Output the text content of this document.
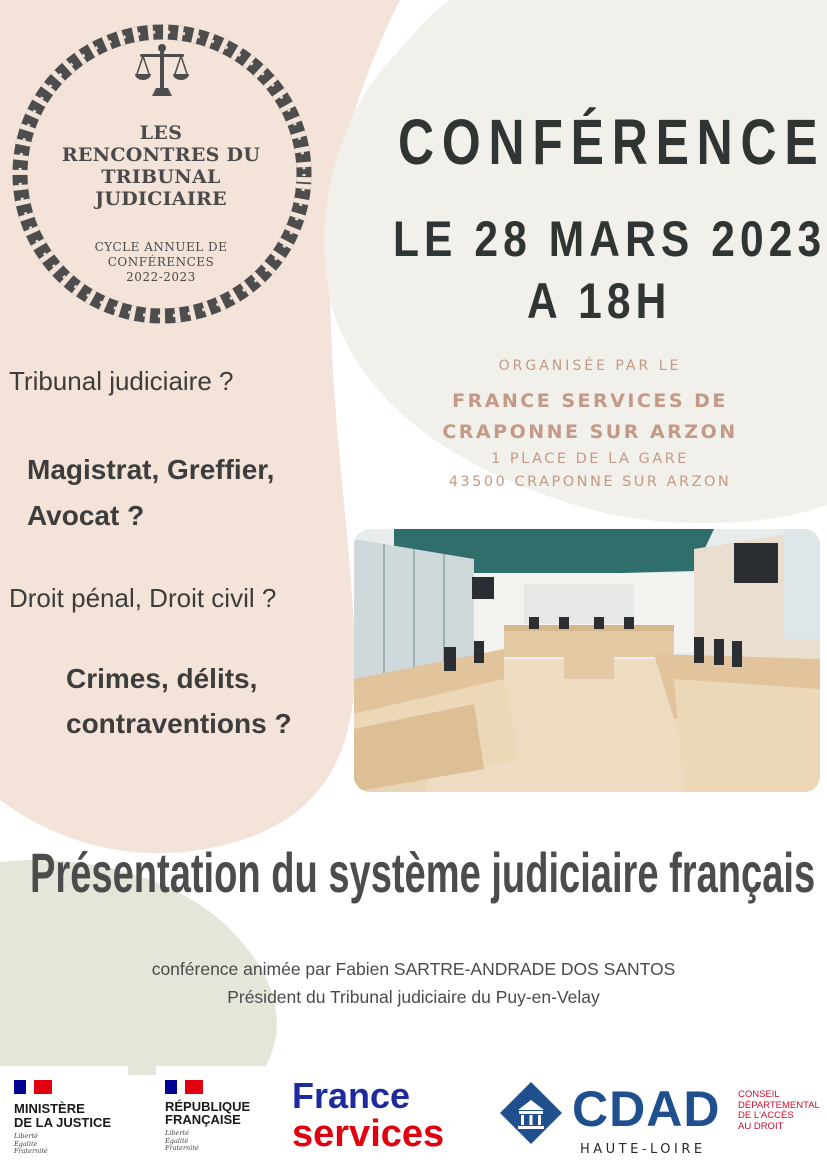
LES
RENCONTRES DU
TRIBUNAL
JUDICIAIRE
CYCLE ANNUEL DE
CONFÉRENCES
2022-2023
CONFÉRENCE
LE 28 MARS 2023
A 18H
ORGANISÉE PAR LE
FRANCE SERVICES DE
CRAPONNE SUR ARZON
1 PLACE DE LA GARE
43500 CRAPONNE SUR ARZON
Tribunal judiciaire ?
Magistrat, Greffier,
Avocat ?
Droit pénal, Droit civil ?
Crimes, délits,
contraventions ?
Présentation du système judiciaire français
conférence animée par Fabien SARTRE-ANDRADE DOS SANTOS
Président du Tribunal judiciaire du Puy-en-Velay
MINISTÈRE
DE LA JUSTICE
Liberté
Égalité
Fraternité
RÉPUBLIQUE
FRANÇAISE
Liberté
Égalité
Fraternité
France
services	CDAD
HAUTE-LOIRE
CONSEIL
DÉPARTEMENTAL
DE L'ACCÈS
AU DROIT
